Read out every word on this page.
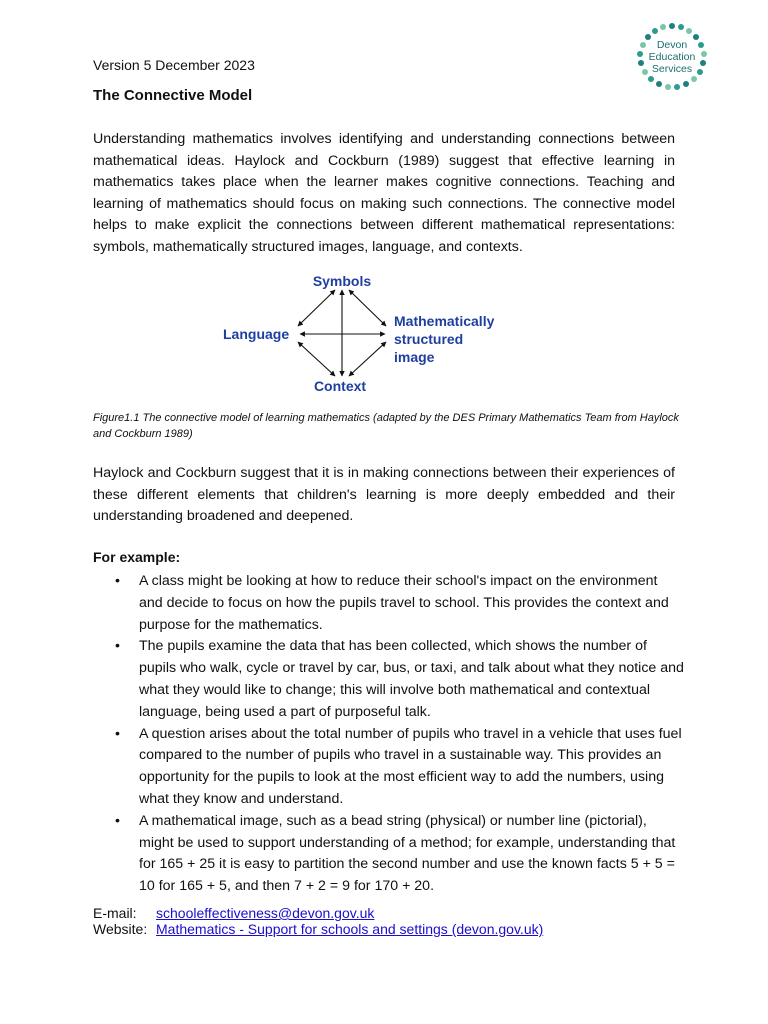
Version 5 December 2023
The Connective Model
Devon
Education
Services

Understanding mathematics involves identifying and understanding connections between mathematical ideas. Haylock and Cockburn (1989) suggest that effective learning in mathematics takes place when the learner makes cognitive connections. Teaching and learning of mathematics should focus on making such connections. The connective model helps to make explicit the connections between different mathematical representations: symbols, mathematically structured images, language, and contexts.

Symbols
Language
Mathematically
structured
image
Context

Figure1.1 The connective model of learning mathematics (adapted by the DES Primary Mathematics Team from Haylock and Cockburn 1989)

Haylock and Cockburn suggest that it is in making connections between their experiences of these different elements that children's learning is more deeply embedded and their understanding broadened and deepened.

For example:

• A class might be looking at how to reduce their school's impact on the environment and decide to focus on how the pupils travel to school. This provides the context and purpose for the mathematics.
• The pupils examine the data that has been collected, which shows the number of pupils who walk, cycle or travel by car, bus, or taxi, and talk about what they notice and what they would like to change; this will involve both mathematical and contextual language, being used a part of purposeful talk.
• A question arises about the total number of pupils who travel in a vehicle that uses fuel compared to the number of pupils who travel in a sustainable way. This provides an opportunity for the pupils to look at the most efficient way to add the numbers, using what they know and understand.
• A mathematical image, such as a bead string (physical) or number line (pictorial), might be used to support understanding of a method; for example, understanding that for 165 + 25 it is easy to partition the second number and use the known facts 5 + 5 = 10 for 165 + 5, and then 7 + 2 = 9 for 170 + 20.
E-mail: schooleffectiveness@devon.gov.uk
Website: Mathematics - Support for schools and settings (devon.gov.uk)
